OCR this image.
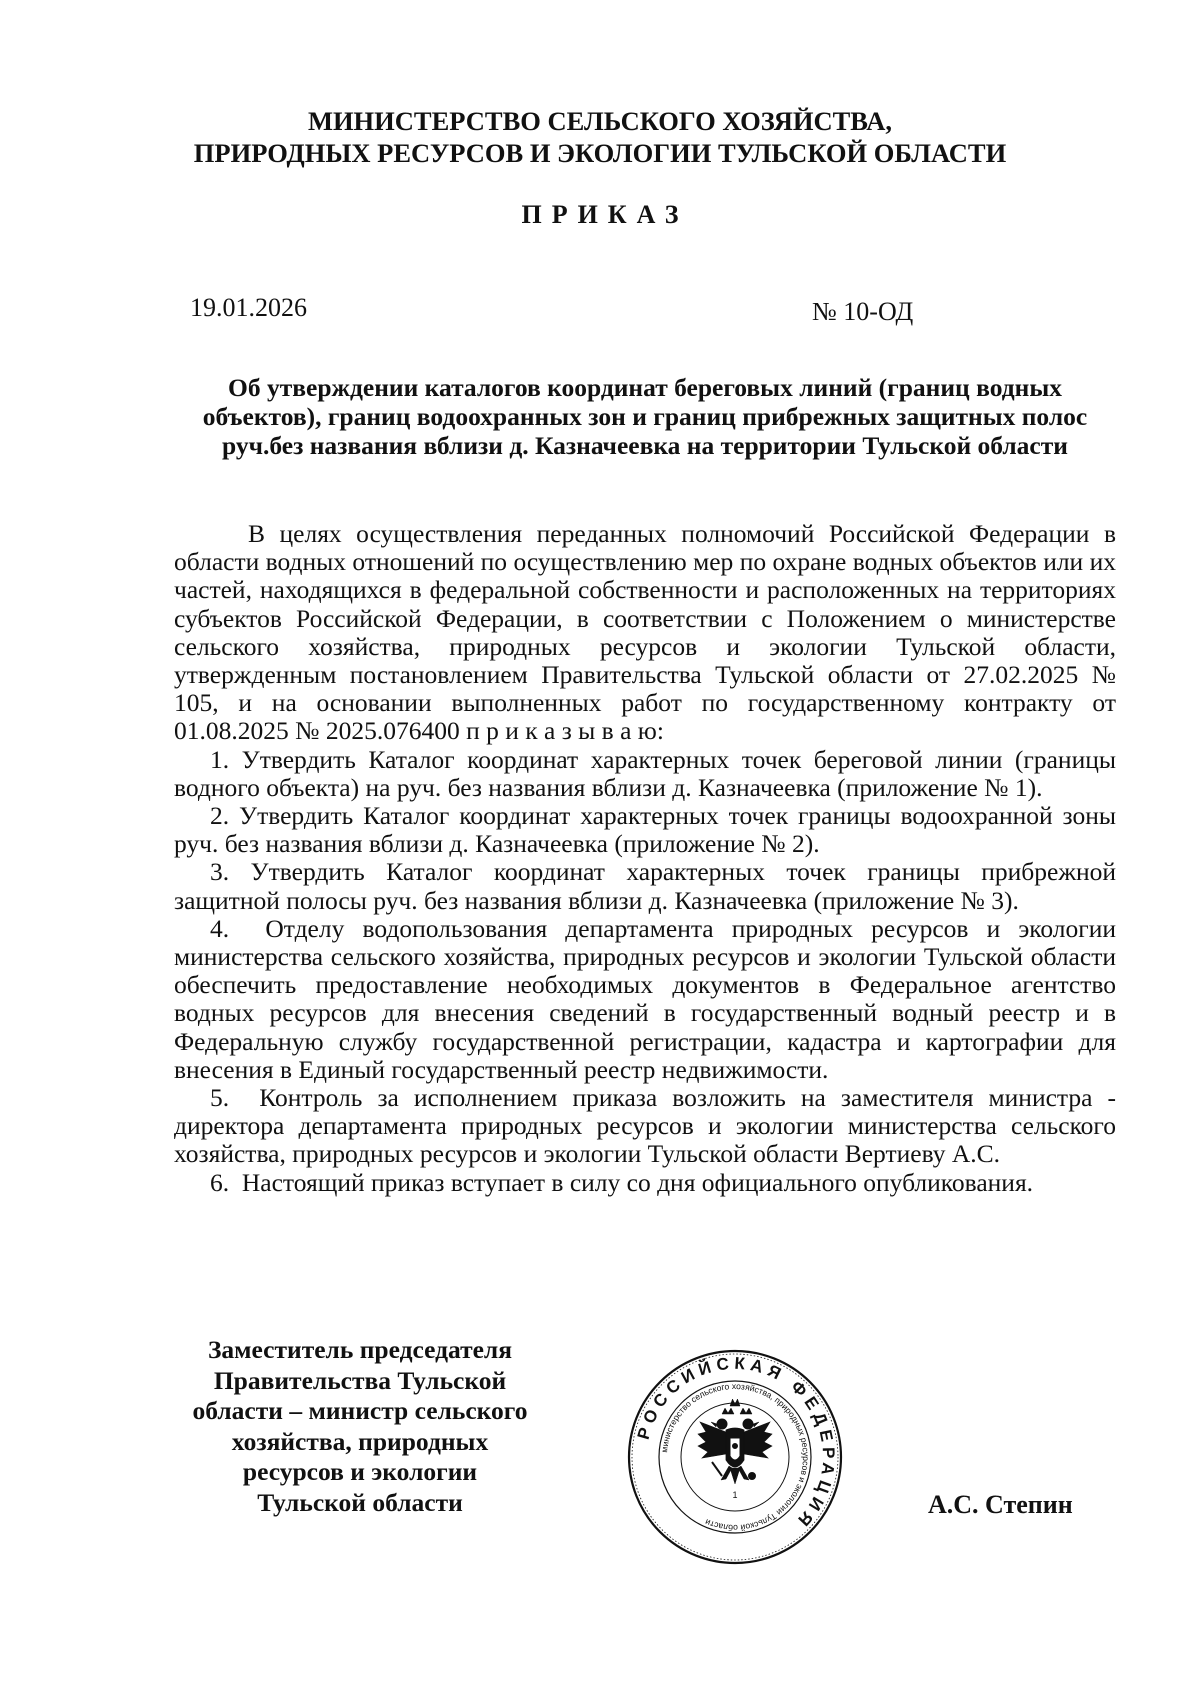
МИНИСТЕРСТВО СЕЛЬСКОГО ХОЗЯЙСТВА,
ПРИРОДНЫХ РЕСУРСОВ И ЭКОЛОГИИ ТУЛЬСКОЙ ОБЛАСТИ
ПРИКАЗ
19.01.2026	№ 10-ОД
Об утверждении каталогов координат береговых линий (границ водных объектов), границ водоохранных зон и границ прибрежных защитных полос руч.без названия вблизи д. Казначеевка на территории Тульской области

В целях осуществления переданных полномочий Российской Федерации в области водных отношений по осуществлению мер по охране водных объектов или их частей, находящихся в федеральной собственности и расположенных на территориях субъектов Российской Федерации, в соответствии с Положением о министерстве сельского хозяйства, природных ресурсов и экологии Тульской области, утвержденным постановлением Правительства Тульской области от 27.02.2025 № 105, и на основании выполненных работ по государственному контракту от 01.08.2025 № 2025.076400 п р и к а з ы в а ю:

1. Утвердить Каталог координат характерных точек береговой линии (границы водного объекта) на руч. без названия вблизи д. Казначеевка (приложение № 1).

2. Утвердить Каталог координат характерных точек границы водоохранной зоны руч. без названия вблизи д. Казначеевка (приложение № 2).

3. Утвердить Каталог координат характерных точек границы прибрежной защитной полосы руч. без названия вблизи д. Казначеевка (приложение № 3).

4. Отделу водопользования департамента природных ресурсов и экологии министерства сельского хозяйства, природных ресурсов и экологии Тульской области обеспечить предоставление необходимых документов в Федеральное агентство водных ресурсов для внесения сведений в государственный водный реестр и в Федеральную службу государственной регистрации, кадастра и картографии для внесения в Единый государственный реестр недвижимости.

5. Контроль за исполнением приказа возложить на заместителя министра - директора департамента природных ресурсов и экологии министерства сельского хозяйства, природных ресурсов и экологии Тульской области Вертиеву А.С.

6. Настоящий приказ вступает в силу со дня официального опубликования.

Заместитель председателя
Правительства Тульской
области – министр сельского
хозяйства, природных
ресурсов и экологии
Тульской области
РОССИЙСКАЯ ФЕДЕРАЦИЯ
министерство сельского хозяйства, природных ресурсов и экологии Тульской области
1	А.С. Степин
